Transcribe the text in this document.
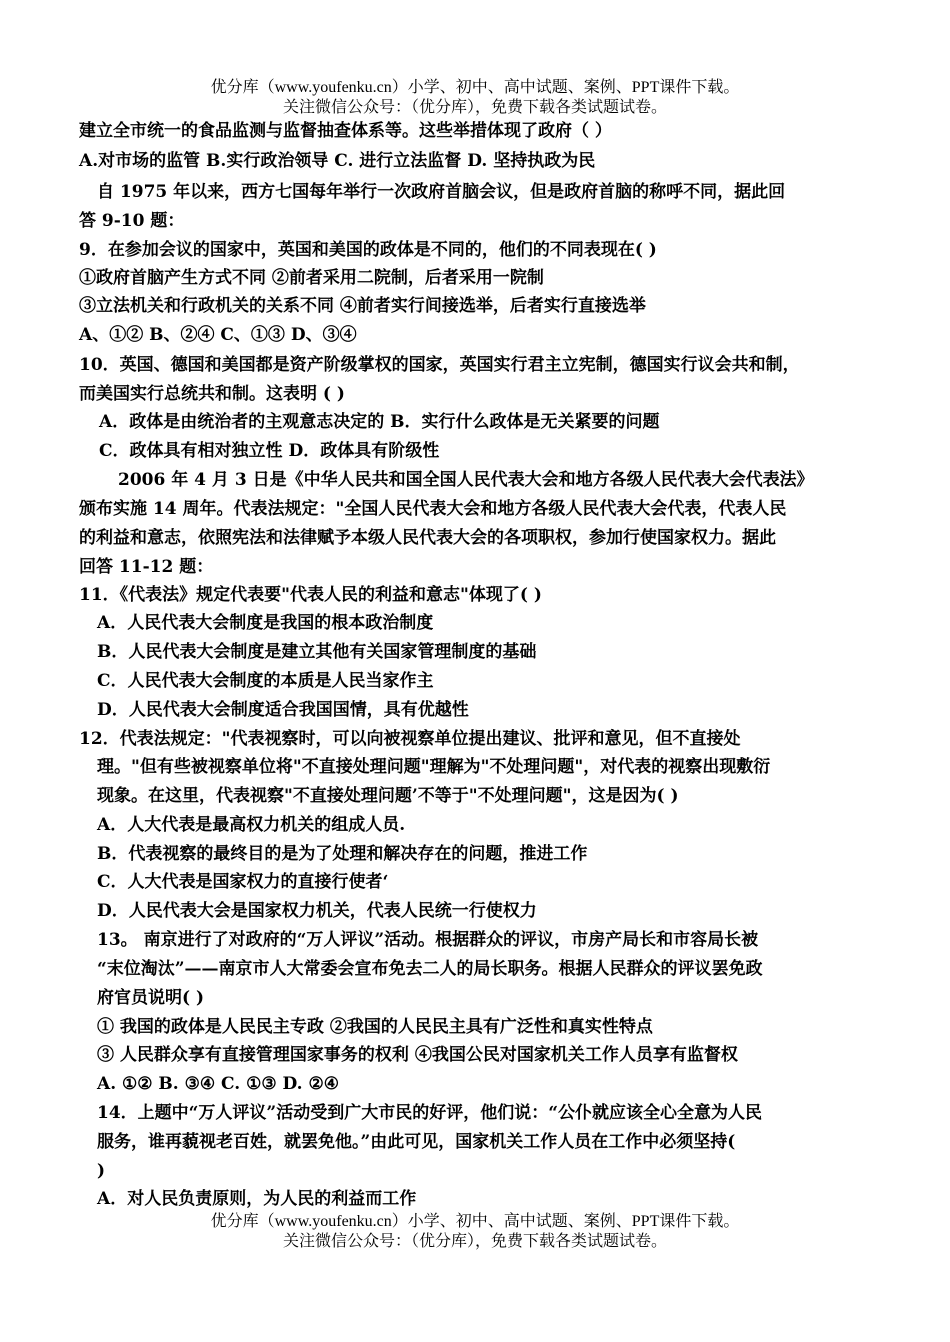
优分库（www.youfenku.cn）小学、初中、高中试题、案例、PPT课件下载。
关注微信公众号：（优分库），免费下载各类试题试卷。
建立全市统一的食品监测与监督抽查体系等。这些举措体现了政府（ ）
A.对市场的监管 B.实行政治领导 C. 进行立法监督 D. 坚持执政为民
自 1975 年以来，西方七国每年举行一次政府首脑会议，但是政府首脑的称呼不同，据此回
答 9-10 题：
9．在参加会议的国家中，英国和美国的政体是不同的，他们的不同表现在( )
①政府首脑产生方式不同 ②前者采用二院制，后者采用一院制
③立法机关和行政机关的关系不同 ④前者实行间接选举，后者实行直接选举
A、①② B、②④ C、①③ D、③④
10．英国、德国和美国都是资产阶级掌权的国家，英国实行君主立宪制，德国实行议会共和制，
而美国实行总统共和制。这表明 ( )
A．政体是由统治者的主观意志决定的 B．实行什么政体是无关紧要的问题
C．政体具有相对独立性 D．政体具有阶级性
2006 年 4 月 3 日是《中华人民共和国全国人民代表大会和地方各级人民代表大会代表法》
颁布实施 14 周年。代表法规定："全国人民代表大会和地方各级人民代表大会代表，代表人民
的利益和意志，依照宪法和法律赋予本级人民代表大会的各项职权，参加行使国家权力。据此
回答 11-12 题：
11．《代表法》规定代表要"代表人民的利益和意志"体现了( )
A．人民代表大会制度是我国的根本政治制度
B．人民代表大会制度是建立其他有关国家管理制度的基础
C．人民代表大会制度的本质是人民当家作主
D．人民代表大会制度适合我国国情，具有优越性
12．代表法规定："代表视察时，可以向被视察单位提出建议、批评和意见，但不直接处
理。"但有些被视察单位将"不直接处理问题"理解为"不处理问题"，对代表的视察出现敷衍
现象。在这里，代表视察"不直接处理问题’不等于"不处理问题"，这是因为( )
A．人大代表是最高权力机关的组成人员.
B．代表视察的最终目的是为了处理和解决存在的问题，推进工作
C．人大代表是国家权力的直接行使者‘
D．人民代表大会是国家权力机关，代表人民统一行使权力
13。 南京进行了对政府的“万人评议”活动。根据群众的评议，市房产局长和市容局长被
“末位淘汰”——南京市人大常委会宣布免去二人的局长职务。根据人民群众的评议罢免政
府官员说明( )
① 我国的政体是人民民主专政 ②我国的人民民主具有广泛性和真实性特点
③ 人民群众享有直接管理国家事务的权利 ④我国公民对国家机关工作人员享有监督权
A. ①② B. ③④ C. ①③ D. ②④
14．上题中“万人评议”活动受到广大市民的好评，他们说：“公仆就应该全心全意为人民
服务，谁再藐视老百姓，就罢免他。”由此可见，国家机关工作人员在工作中必须坚持(
)
A．对人民负责原则，为人民的利益而工作
优分库（www.youfenku.cn）小学、初中、高中试题、案例、PPT课件下载。
关注微信公众号：（优分库），免费下载各类试题试卷。
